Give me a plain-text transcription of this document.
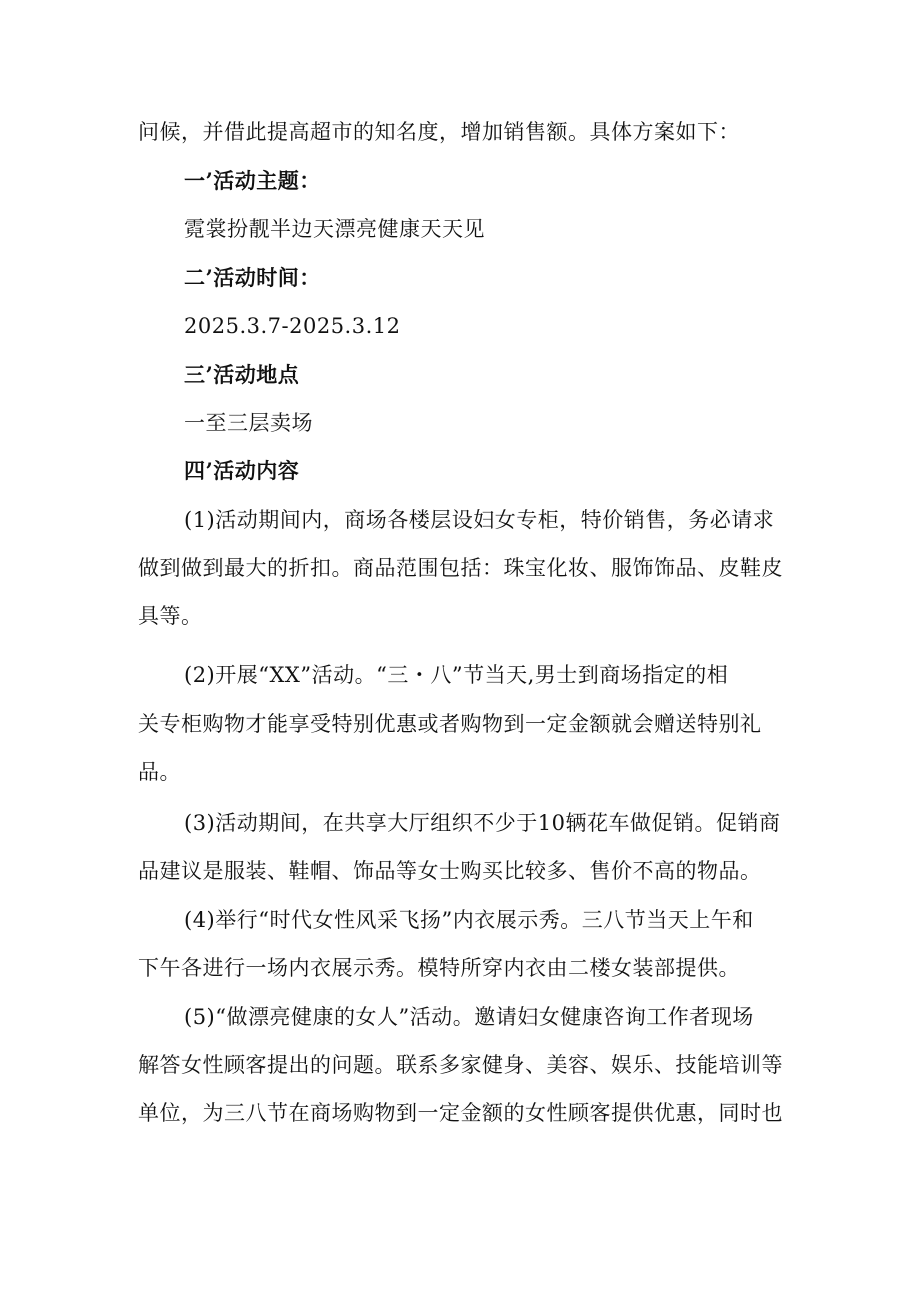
问候，并借此提高超市的知名度，增加销售额。具体方案如下：
一’活动主题：
霓裳扮靓半边天漂亮健康天天见
二’活动时间：
2025.3.7-2025.3.12
三’活动地点
一至三层卖场
四’活动内容
(1)活动期间内，商场各楼层设妇女专柜，特价销售，务必请求
做到做到最大的折扣。商品范围包括：珠宝化妆、服饰饰品、皮鞋皮
具等。
(2)开展“XX”活动。“三・八”节当天,男士到商场指定的相
关专柜购物才能享受特别优惠或者购物到一定金额就会赠送特别礼
品。
(3)活动期间，在共享大厅组织不少于10辆花车做促销。促销商
品建议是服装、鞋帽、饰品等女士购买比较多、售价不高的物品。
(4)举行“时代女性风采飞扬”内衣展示秀。三八节当天上午和
下午各进行一场内衣展示秀。模特所穿内衣由二楼女装部提供。
(5)“做漂亮健康的女人”活动。邀请妇女健康咨询工作者现场
解答女性顾客提出的问题。联系多家健身、美容、娱乐、技能培训等
单位，为三八节在商场购物到一定金额的女性顾客提供优惠，同时也
